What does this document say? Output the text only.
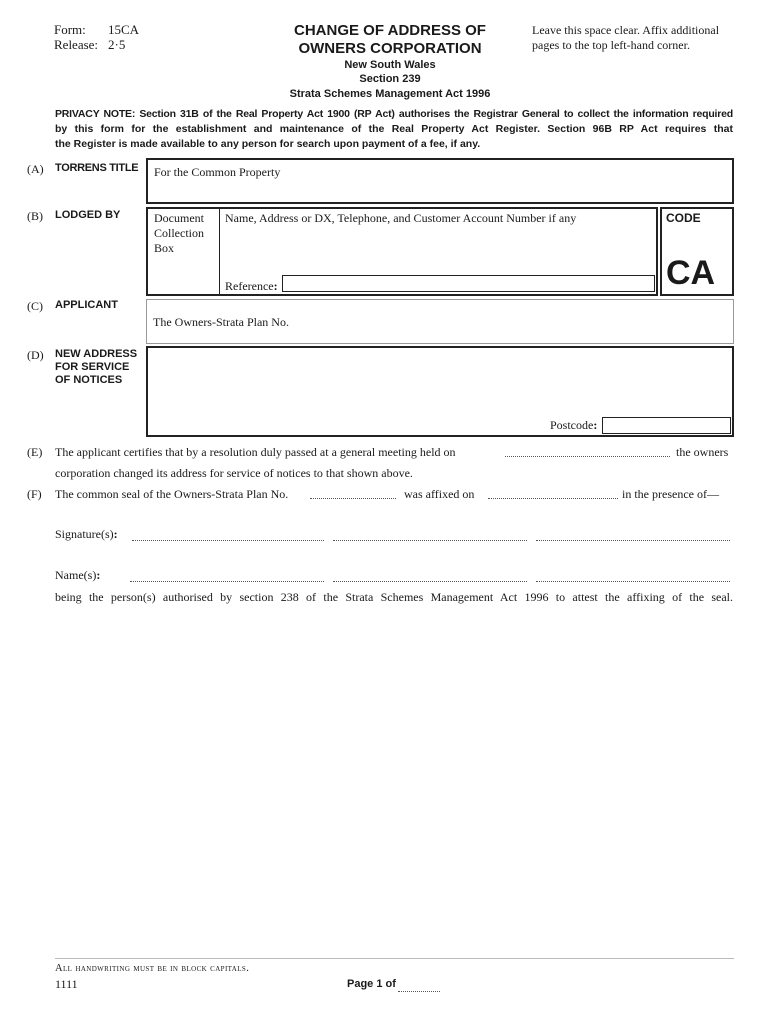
Form: 15CA
Release: 2·5
CHANGE OF ADDRESS OF
OWNERS CORPORATION
New South Wales
Section 239
Strata Schemes Management Act 1996
Leave this space clear. Affix additional
pages to the top left-hand corner.
PRIVACY NOTE: Section 31B of the Real Property Act 1900 (RP Act) authorises the Registrar General to collect the information required
by this form for the establishment and maintenance of the Real Property Act Register. Section 96B RP Act requires that
the Register is made available to any person for search upon payment of a fee, if any.
(A) TORRENS TITLE For the Common Property
(B) LODGED BY	Document
Collection
Box
Name, Address or DX, Telephone, and Customer Account Number if any
Reference:
CODE
CA
(C) APPLICANT
The Owners-Strata Plan No.
(D) NEW ADDRESS
FOR SERVICE
OF NOTICES
Postcode:
(E) The applicant certifies that by a resolution duly passed at a general meeting held on	the owners
corporation changed its address for service of notices to that shown above.
(F) The common seal of the Owners-Strata Plan No.	was affixed on	in the presence of—
Signature(s):
Name(s):
being the person(s) authorised by section 238 of the Strata Schemes Management Act 1996 to attest the affixing of the seal.
All handwriting must be in block capitals.
1111	Page 1 of
